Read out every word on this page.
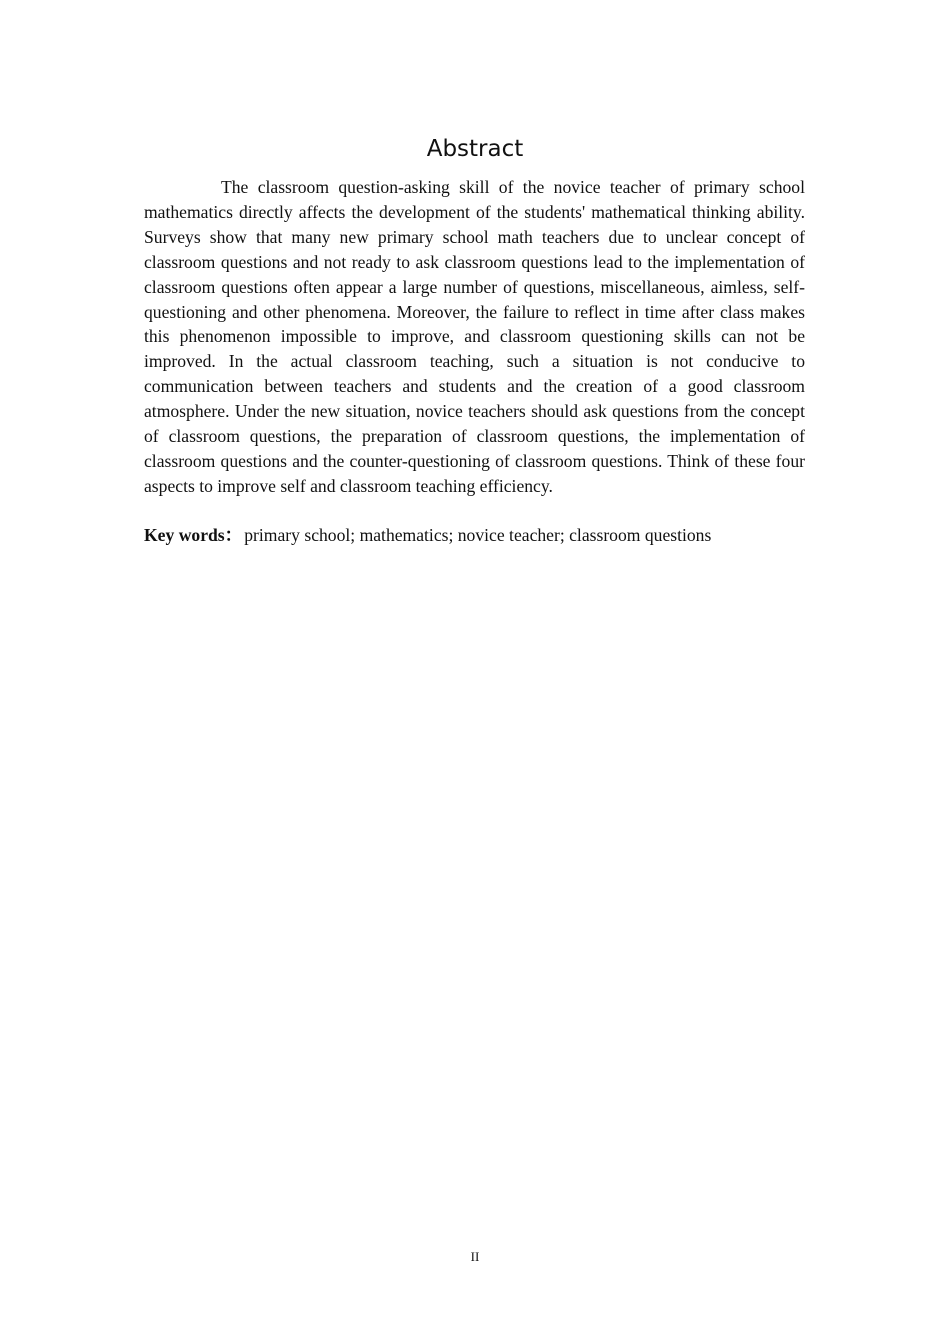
Abstract

The classroom question-asking skill of the novice teacher of primary school mathematics directly affects the development of the students' mathematical thinking ability. Surveys show that many new primary school math teachers due to unclear concept of classroom questions and not ready to ask classroom questions lead to the implementation of classroom questions often appear a large number of questions, miscellaneous, aimless, self-questioning and other phenomena. Moreover, the failure to reflect in time after class makes this phenomenon impossible to improve, and classroom questioning skills can not be improved. In the actual classroom teaching, such a situation is not conducive to communication between teachers and students and the creation of a good classroom atmosphere. Under the new situation, novice teachers should ask questions from the concept of classroom questions, the preparation of classroom questions, the implementation of classroom questions and the counter-questioning of classroom questions. Think of these four aspects to improve self and classroom teaching efficiency.

Key words： primary school; mathematics; novice teacher; classroom questions

II
